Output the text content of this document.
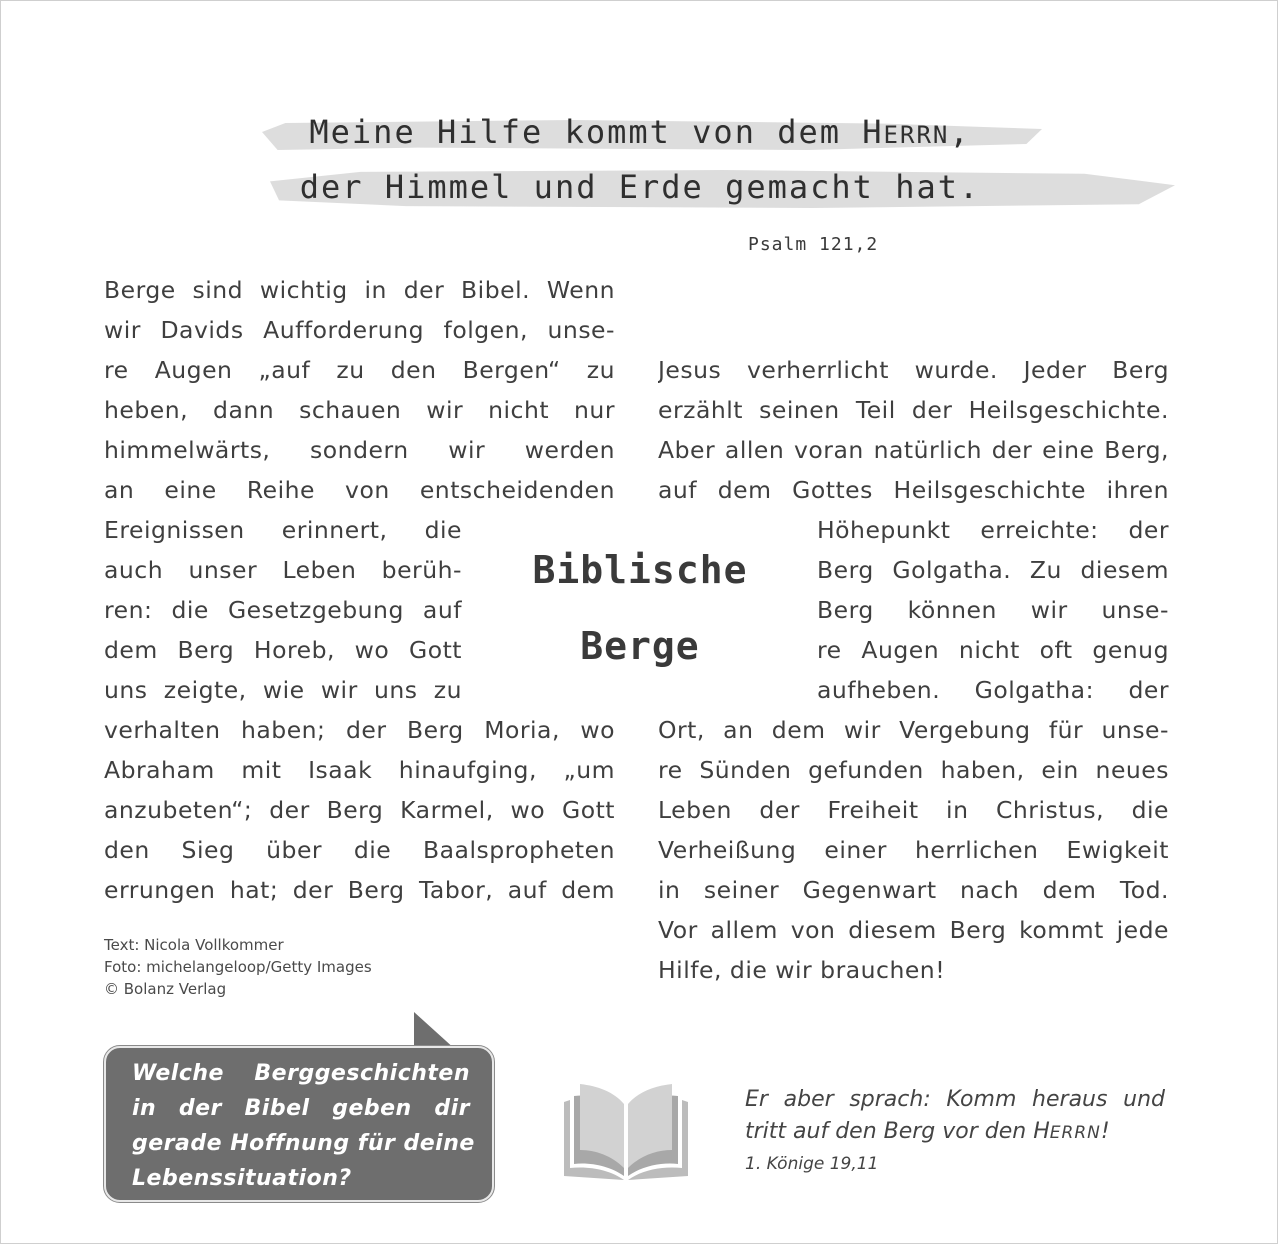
Meine Hilfe kommt von dem HERRN,
der Himmel und Erde gemacht hat.
Psalm 121,2
Berge sind wichtig in der Bibel. Wenn
wir Davids Aufforderung folgen, unse-
re Augen „auf zu den Bergen“ zu
heben, dann schauen wir nicht nur
himmelwärts, sondern wir werden
an eine Reihe von entscheidenden
Ereignissen erinnert, die
auch unser Leben berüh-
ren: die Gesetzgebung auf
dem Berg Horeb, wo Gott
uns zeigte, wie wir uns zu
verhalten haben; der Berg Moria, wo
Abraham mit Isaak hinaufging, „um
anzubeten“; der Berg Karmel, wo Gott
den Sieg über die Baalspropheten
errungen hat; der Berg Tabor, auf dem
Biblische
Berge
Jesus verherrlicht wurde. Jeder Berg
erzählt seinen Teil der Heilsgeschichte.
Aber allen voran natürlich der eine Berg,
auf dem Gottes Heilsgeschichte ihren
Höhepunkt erreichte: der
Berg Golgatha. Zu diesem
Berg können wir unse-
re Augen nicht oft genug
aufheben. Golgatha: der
Ort, an dem wir Vergebung für unse-
re Sünden gefunden haben, ein neues
Leben der Freiheit in Christus, die
Verheißung einer herrlichen Ewigkeit
in seiner Gegenwart nach dem Tod.
Vor allem von diesem Berg kommt jede
Hilfe, die wir brauchen!
Text: Nicola Vollkommer
Foto: michelangeloop/Getty Images
© Bolanz Verlag
Welche Berggeschichten
in der Bibel geben dir
gerade Hoffnung für deine
Lebenssituation?
Er aber sprach: Komm heraus und
tritt auf den Berg vor den HERRN!
1. Könige 19,11
